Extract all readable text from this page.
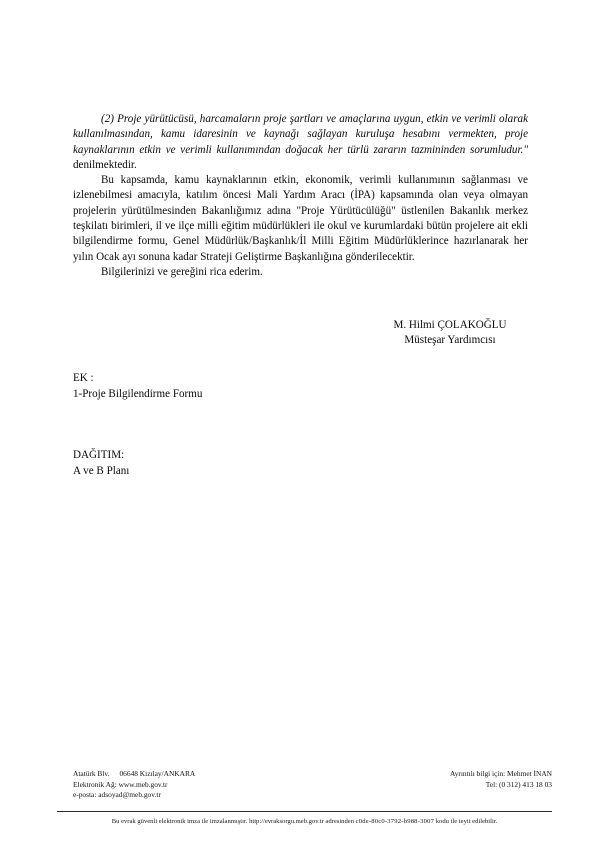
(2) Proje yürütücüsü, harcamaların proje şartları ve amaçlarına uygun, etkin ve verimli olarak kullanılmasından, kamu idaresinin ve kaynağı sağlayan kuruluşa hesabını vermekten, proje kaynaklarının etkin ve verimli kullanımından doğacak her türlü zararın tazmininden sorumludur." denilmektedir.

Bu kapsamda, kamu kaynaklarının etkin, ekonomik, verimli kullanımının sağlanması ve izlenebilmesi amacıyla, katılım öncesi Mali Yardım Aracı (İPA) kapsamında olan veya olmayan projelerin yürütülmesinden Bakanlığımız adına "Proje Yürütücülüğü" üstlenilen Bakanlık merkez teşkilatı birimleri, il ve ilçe milli eğitim müdürlükleri ile okul ve kurumlardaki bütün projelere ait ekli bilgilendirme formu, Genel Müdürlük/Başkanlık/İl Milli Eğitim Müdürlüklerince hazırlanarak her yılın Ocak ayı sonuna kadar Strateji Geliştirme Başkanlığına gönderilecektir.

Bilgilerinizi ve gereğini rica ederim.

M. Hilmi ÇOLAKOĞLU
Müsteşar Yardımcısı
EK :
1-Proje Bilgilendirme Formu
DAĞITIM:
A ve B Planı
Atatürk Blv. 06648 Kızılay/ANKARA
Elektronik Ağ: www.meb.gov.tr
e-posta: adsoyad@meb.gov.tr
Ayrıntılı bilgi için: Mehmet İNAN
Tel: (0 312) 413 18 03
Bu evrak güvenli elektronik imza ile imzalanmıştır. http://evraksorgu.meb.gov.tr adresinden c0de-80c0-3792-b988-3007 kodu ile teyit edilebilir.
